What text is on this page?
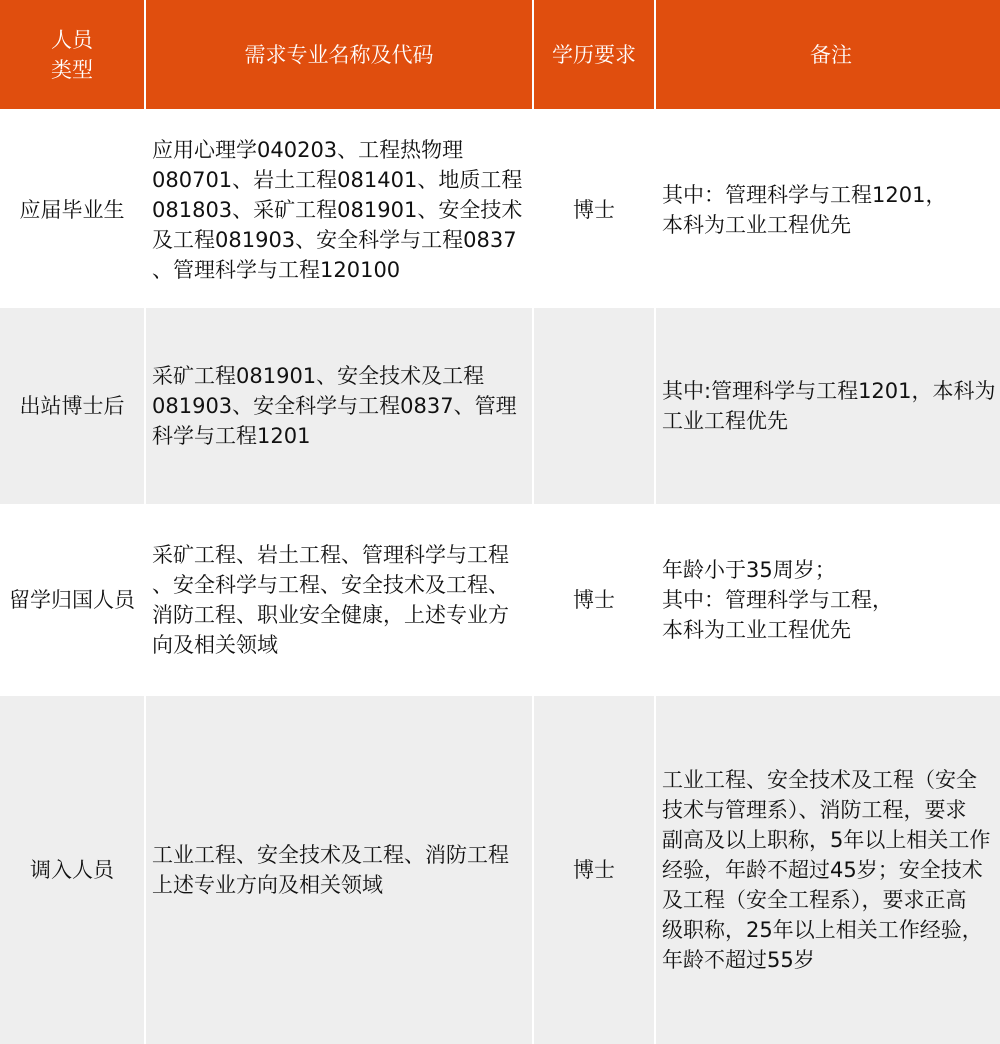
人员
类型
需求专业名称及代码	学历要求	备注
应届毕业生
应用心理学040203、工程热物理
080701、岩土工程081401、地质工程
081803、采矿工程081901、安全技术
及工程081903、安全科学与工程0837
、管理科学与工程120100
博士
其中：管理科学与工程1201，
本科为工业工程优先
出站博士后
采矿工程081901、安全技术及工程
081903、安全科学与工程0837、管理
科学与工程1201
其中:管理科学与工程1201，本科为
工业工程优先
留学归国人员
采矿工程、岩土工程、管理科学与工程
、安全科学与工程、安全技术及工程、
消防工程、职业安全健康，上述专业方
向及相关领域
博士
年龄小于35周岁；
其中：管理科学与工程，
本科为工业工程优先
调入人员
工业工程、安全技术及工程、消防工程
上述专业方向及相关领域
博士
工业工程、安全技术及工程（安全
技术与管理系）、消防工程，要求
副高及以上职称，5年以上相关工作
经验，年龄不超过45岁；安全技术
及工程（安全工程系），要求正高
级职称，25年以上相关工作经验，
年龄不超过55岁
